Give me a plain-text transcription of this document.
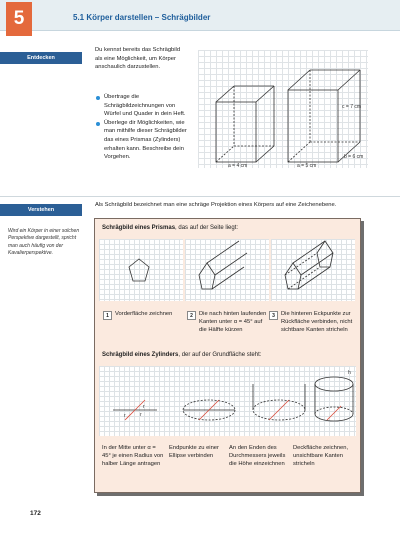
5	5.1 Körper darstellen – Schrägbilder
Entdecken
Du kennst bereits das Schrägbild als eine Möglichkeit, um Körper anschaulich darzustellen.
Übertrage die Schrägbildzeichnungen von Würfel und Quader in dein Heft.
Überlege dir Möglichkeiten, wie man mithilfe dieser Schrägbilder das eines Prismas (Zylinders) erhalten kann. Beschreibe dein Vorgehen.
a = 4 cm	a = 5 cm
b = 6 cm
c = 7 cm
Verstehen
Als Schrägbild bezeichnet man eine schräge Projektion eines Körpers auf eine Zeichenebene.
Wird ein Körper in einer solchen Perspektive dargestellt, spricht man auch häufig von der Kavalierperspektive.
Schrägbild eines Prismas, das auf der Seite liegt:
1	Vorderfläche zeichnen	2	Die nach hinten laufenden Kanten unter α = 45° auf die Hälfte kürzen
3	Die hinteren Eckpunkte zur Rückfläche verbinden, nicht sichtbare Kanten stricheln
Schrägbild eines Zylinders, der auf der Grundfläche steht:
r
r
r
h
In der Mitte unter α = 45° je einen Radius von halber Länge antragen
Endpunkte zu einer Ellipse verbinden
An den Enden des Durchmessers jeweils die Höhe einzeichnen
Deckfläche zeichnen, unsichtbare Kanten stricheln
172
